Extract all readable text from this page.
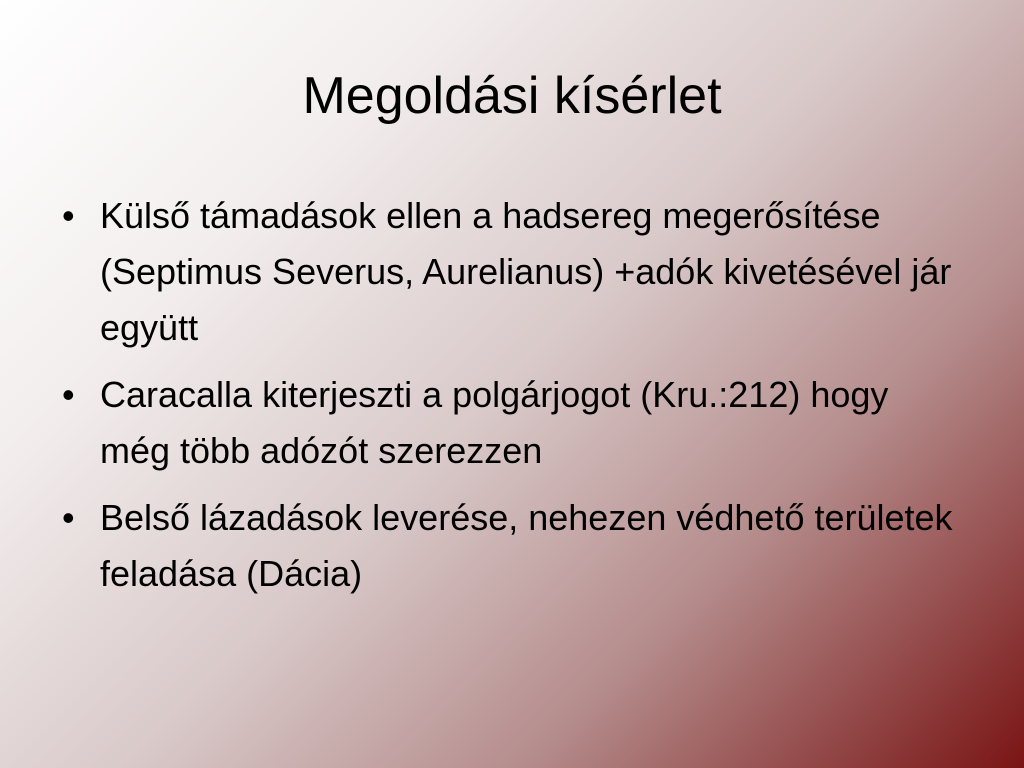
Megoldási kísérlet
• Külső támadások ellen a hadsereg megerősítése (Septimus Severus, Aurelianus) +adók kivetésével jár együtt
• Caracalla kiterjeszti a polgárjogot (Kru.:212) hogy még több adózót szerezzen
• Belső lázadások leverése, nehezen védhető területek feladása (Dácia)
